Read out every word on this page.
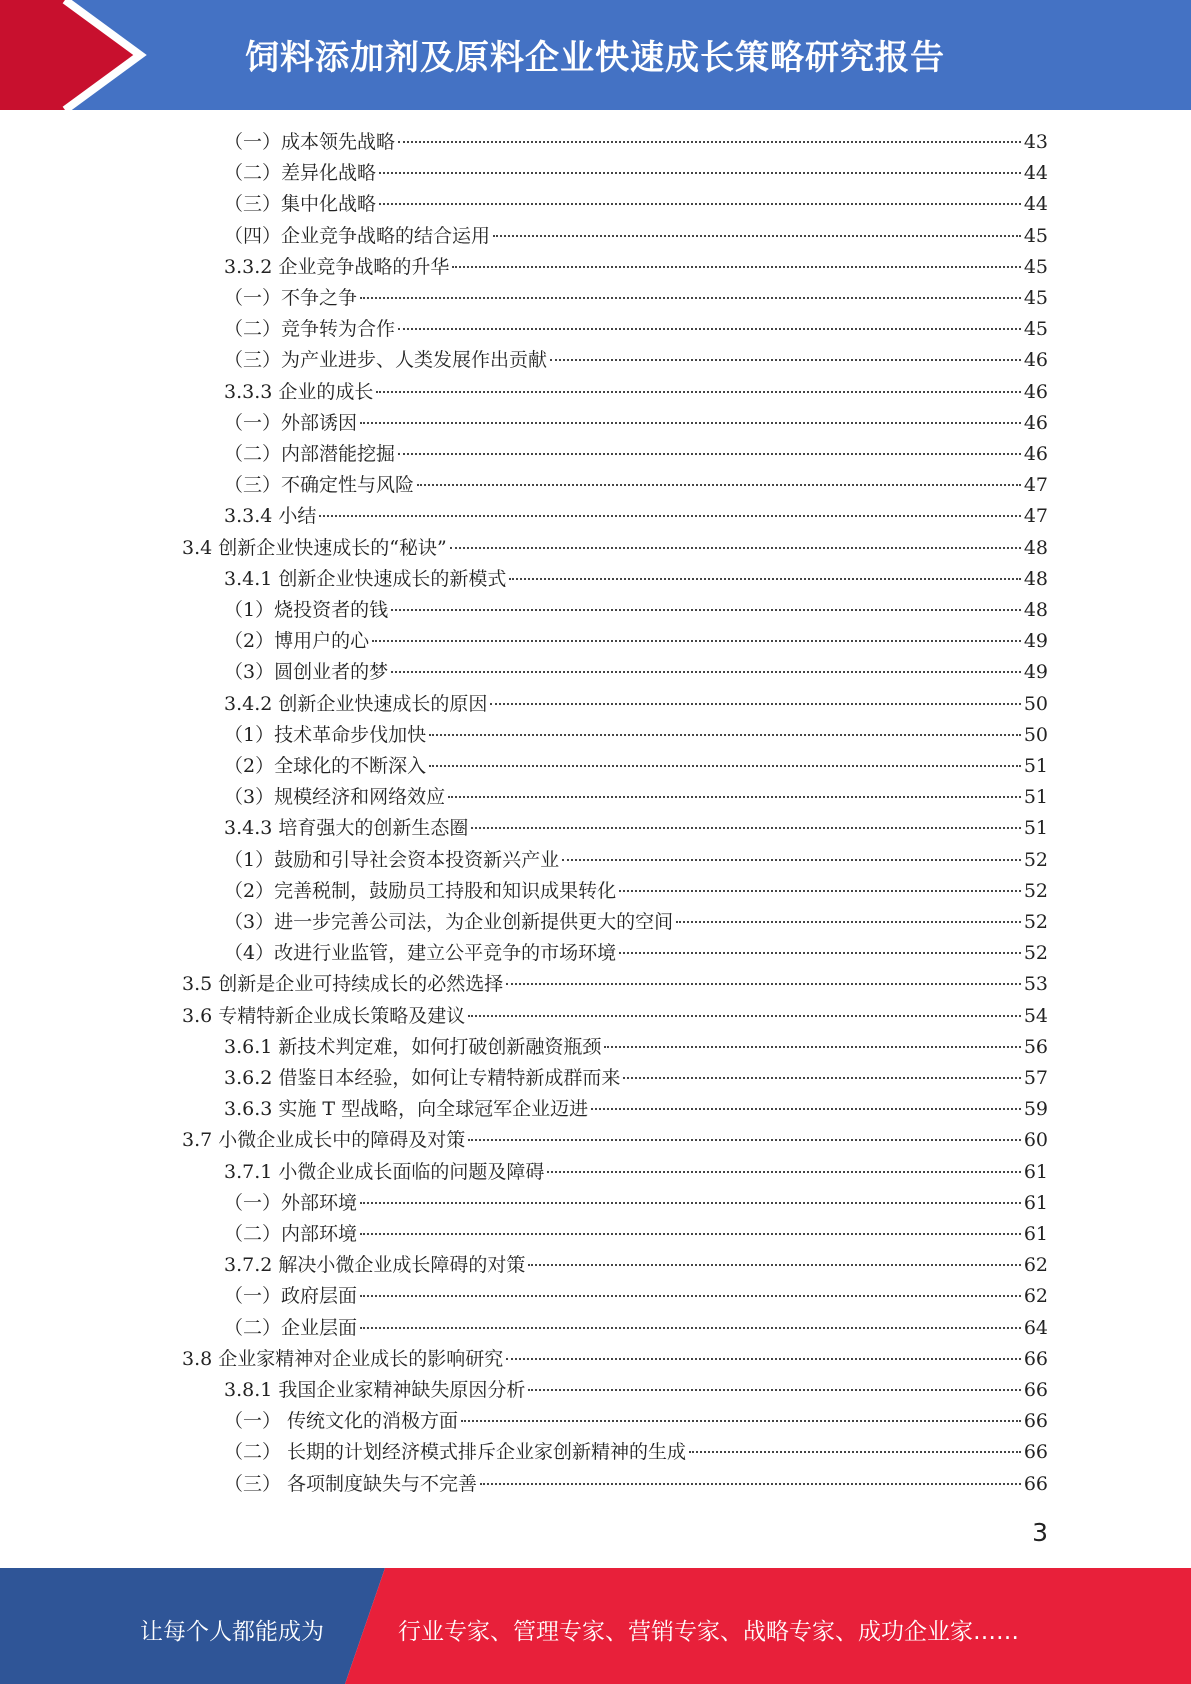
饲料添加剂及原料企业快速成长策略研究报告
（一）成本领先战略	43
（二）差异化战略	44
（三）集中化战略	44
（四）企业竞争战略的结合运用	45
3.3.2 企业竞争战略的升华	45
（一）不争之争	45
（二）竞争转为合作	45
（三）为产业进步、人类发展作出贡献	46
3.3.3 企业的成长	46
（一）外部诱因	46
（二）内部潜能挖掘	46
（三）不确定性与风险	47
3.3.4 小结	47
3.4 创新企业快速成长的“秘诀”	48
3.4.1 创新企业快速成长的新模式	48
（1）烧投资者的钱	48
（2）博用户的心	49
（3）圆创业者的梦	49
3.4.2 创新企业快速成长的原因	50
（1）技术革命步伐加快	50
（2）全球化的不断深入	51
（3）规模经济和网络效应	51
3.4.3 培育强大的创新生态圈	51
（1）鼓励和引导社会资本投资新兴产业	52
（2）完善税制，鼓励员工持股和知识成果转化	52
（3）进一步完善公司法，为企业创新提供更大的空间	52
（4）改进行业监管，建立公平竞争的市场环境	52
3.5 创新是企业可持续成长的必然选择	53
3.6 专精特新企业成长策略及建议	54
3.6.1 新技术判定难，如何打破创新融资瓶颈	56
3.6.2 借鉴日本经验，如何让专精特新成群而来	57
3.6.3 实施 T 型战略，向全球冠军企业迈进	59
3.7 小微企业成长中的障碍及对策	60
3.7.1 小微企业成长面临的问题及障碍	61
（一）外部环境	61
（二）内部环境	61
3.7.2 解决小微企业成长障碍的对策	62
（一）政府层面	62
（二）企业层面	64
3.8 企业家精神对企业成长的影响研究	66
3.8.1 我国企业家精神缺失原因分析	66
（一） 传统文化的消极方面	66
（二） 长期的计划经济模式排斥企业家创新精神的生成	66
（三） 各项制度缺失与不完善	66
3
让每个人都能成为	行业专家、管理专家、营销专家、战略专家、成功企业家……
